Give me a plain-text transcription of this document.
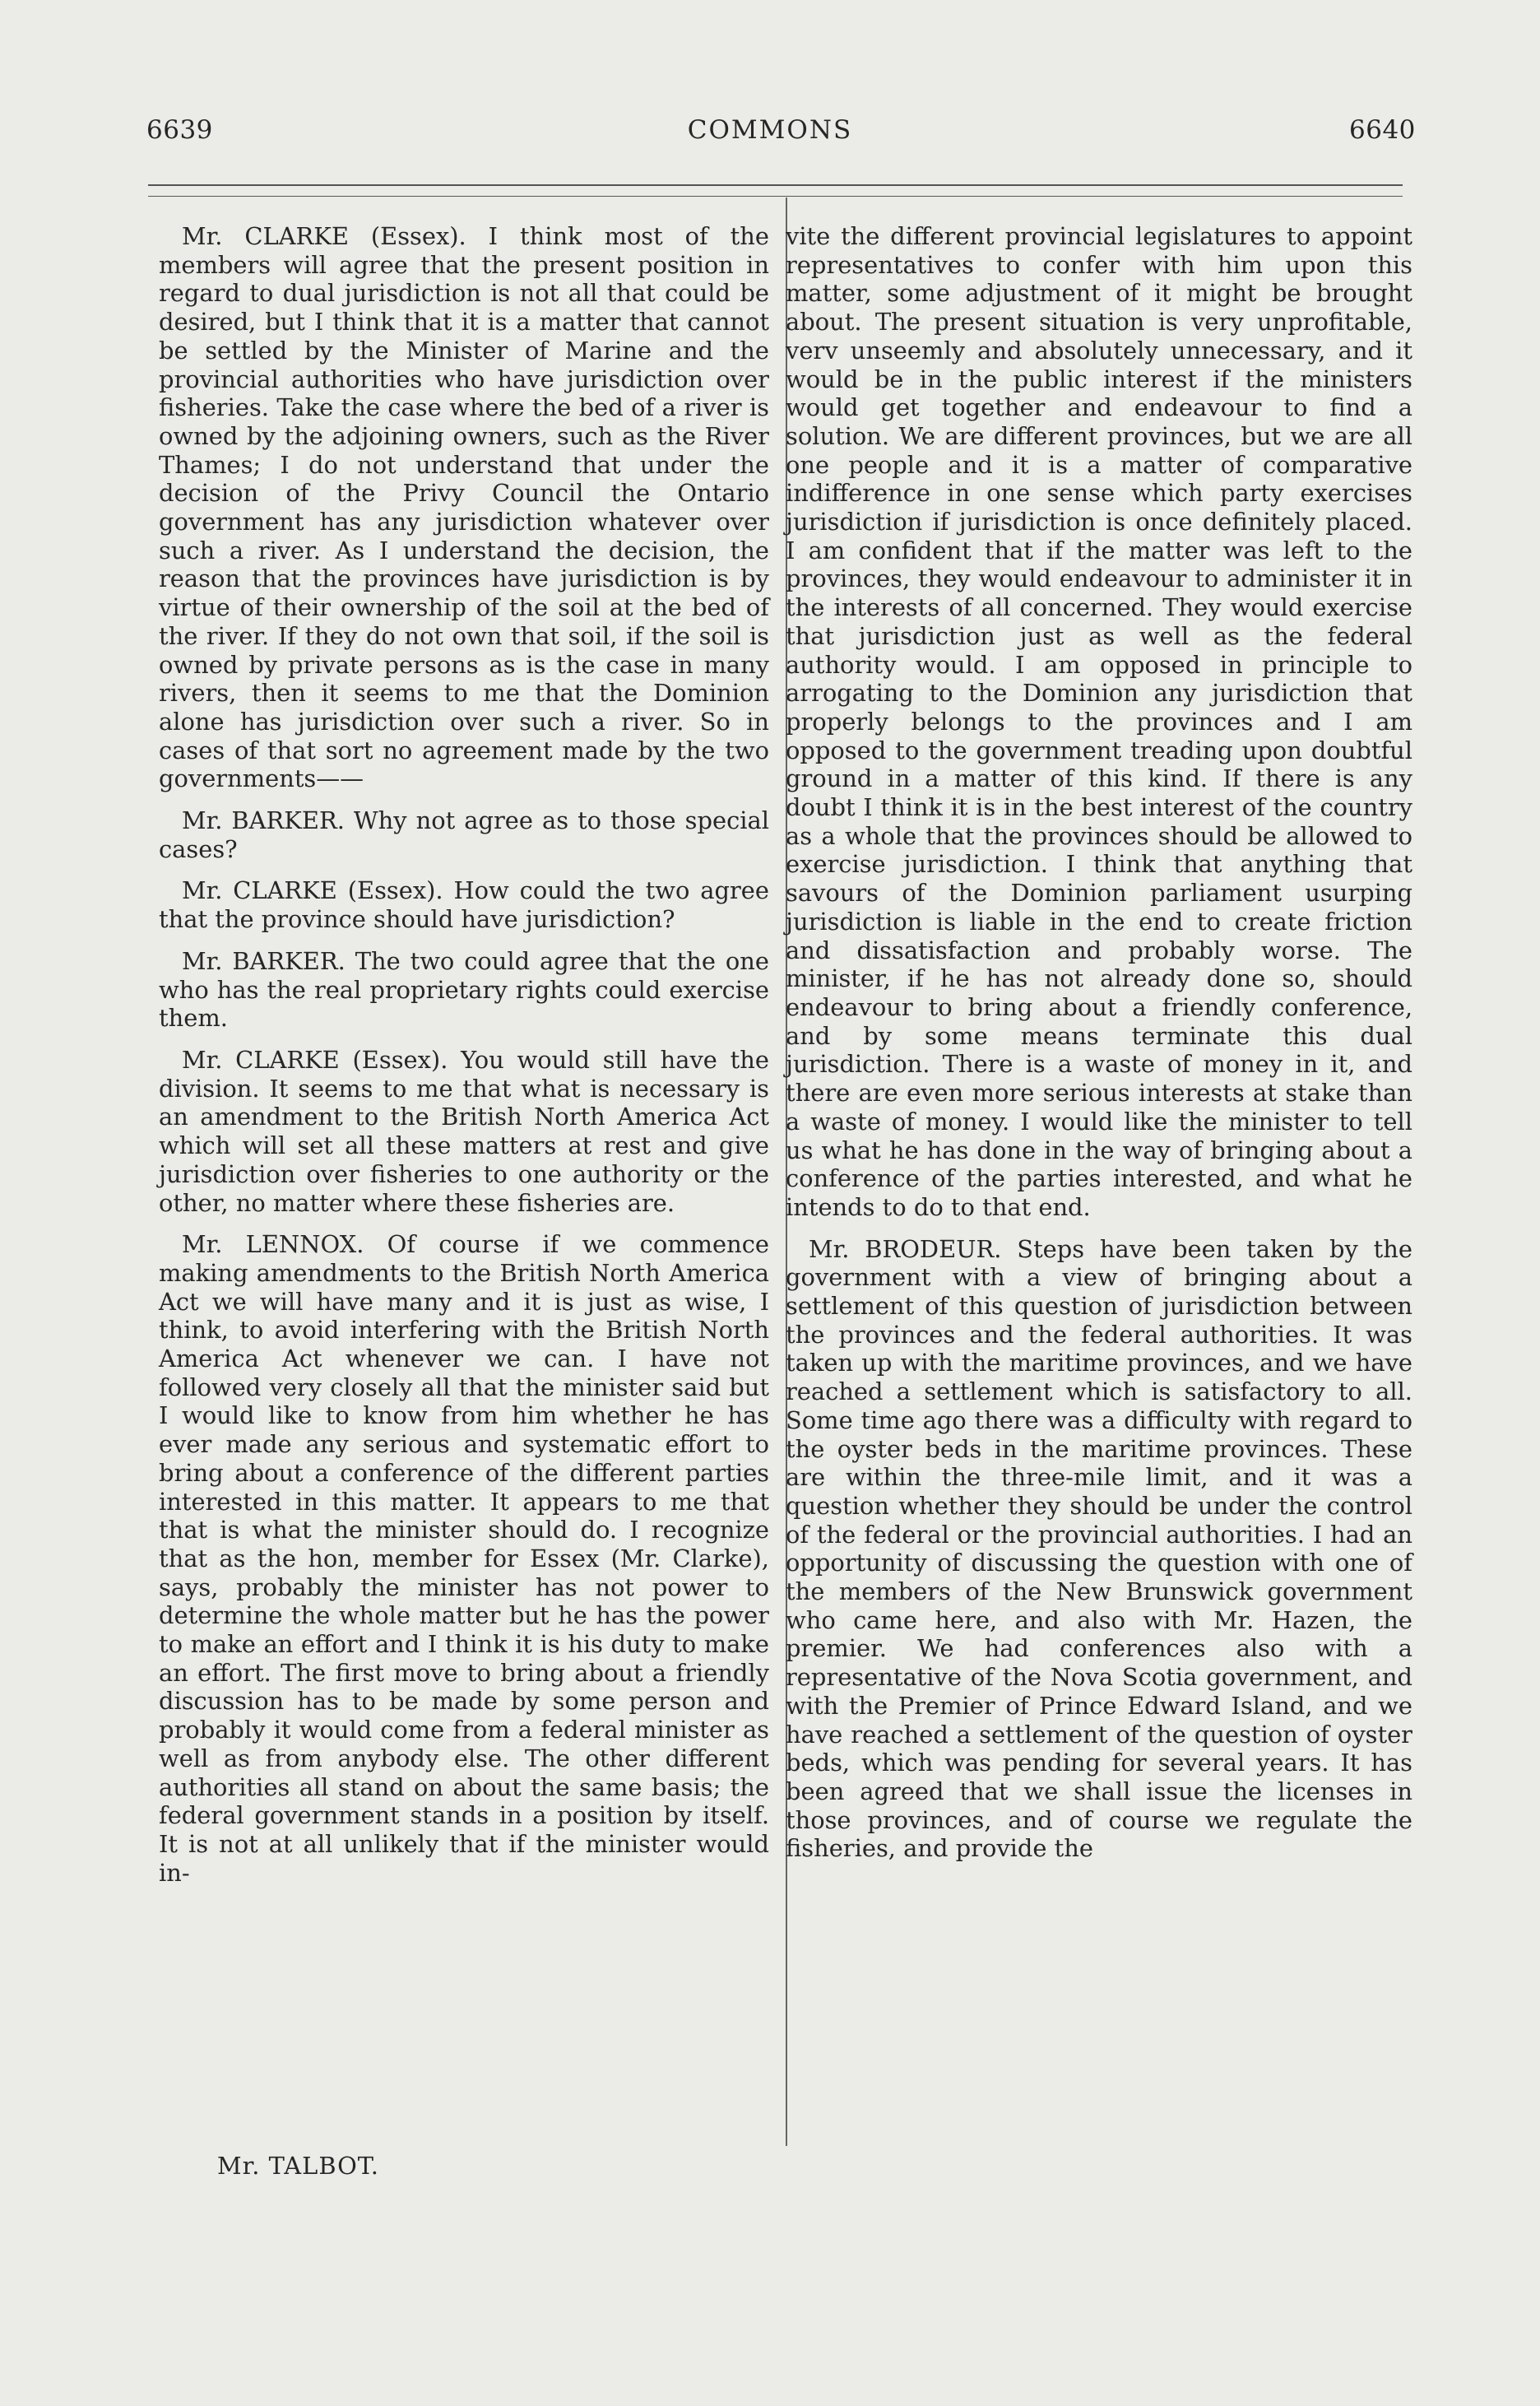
6639	COMMONS	6640

Mr. CLARKE (Essex). I think most of the members will agree that the present position in regard to dual jurisdiction is not all that could be desired, but I think that it is a matter that cannot be settled by the Minister of Marine and the provincial authorities who have jurisdiction over fisheries. Take the case where the bed of a river is owned by the adjoining owners, such as the River Thames; I do not understand that under the decision of the Privy Council the Ontario government has any jurisdiction whatever over such a river. As I understand the decision, the reason that the provinces have jurisdiction is by virtue of their ownership of the soil at the bed of the river. If they do not own that soil, if the soil is owned by private persons as is the case in many rivers, then it seems to me that the Dominion alone has jurisdiction over such a river. So in cases of that sort no agreement made by the two governments——

Mr. BARKER. Why not agree as to those special cases?

Mr. CLARKE (Essex). How could the two agree that the province should have jurisdiction?

Mr. BARKER. The two could agree that the one who has the real proprietary rights could exercise them.

Mr. CLARKE (Essex). You would still have the division. It seems to me that what is necessary is an amendment to the British North America Act which will set all these matters at rest and give jurisdiction over fisheries to one authority or the other, no matter where these fisheries are.

Mr. LENNOX. Of course if we commence making amendments to the British North America Act we will have many and it is just as wise, I think, to avoid interfering with the British North America Act whenever we can. I have not followed very closely all that the minister said but I would like to know from him whether he has ever made any serious and systematic effort to bring about a conference of the different parties interested in this matter. It appears to me that that is what the minister should do. I recognize that as the hon, member for Essex (Mr. Clarke), says, probably the minister has not power to determine the whole matter but he has the power to make an effort and I think it is his duty to make an effort. The first move to bring about a friendly discussion has to be made by some person and probably it would come from a federal minister as well as from anybody else. The other different authorities all stand on about the same basis; the federal government stands in a position by itself. It is not at all unlikely that if the minister would in-

vite the different provincial legislatures to appoint representatives to confer with him upon this matter, some adjustment of it might be brought about. The present situation is very unprofitable, verv unseemly and absolutely unnecessary, and it would be in the public interest if the ministers would get together and endeavour to find a solution. We are different provinces, but we are all one people and it is a matter of comparative indifference in one sense which party exercises jurisdiction if jurisdiction is once definitely placed. I am confident that if the matter was left to the provinces, they would endeavour to administer it in the interests of all concerned. They would exercise that jurisdiction just as well as the federal authority would. I am opposed in principle to arrogating to the Dominion any jurisdiction that properly belongs to the provinces and I am opposed to the government treading upon doubtful ground in a matter of this kind. If there is any doubt I think it is in the best interest of the country as a whole that the provinces should be allowed to exercise jurisdiction. I think that anything that savours of the Dominion parliament usurping jurisdiction is liable in the end to create friction and dissatisfaction and probably worse. The minister, if he has not already done so, should endeavour to bring about a friendly conference, and by some means terminate this dual jurisdiction. There is a waste of money in it, and there are even more serious interests at stake than a waste of money. I would like the minister to tell us what he has done in the way of bringing about a conference of the parties interested, and what he intends to do to that end.

Mr. BRODEUR. Steps have been taken by the government with a view of bringing about a settlement of this question of jurisdiction between the provinces and the federal authorities. It was taken up with the maritime provinces, and we have reached a settlement which is satisfactory to all. Some time ago there was a difficulty with regard to the oyster beds in the maritime provinces. These are within the three-mile limit, and it was a question whether they should be under the control of the federal or the provincial authorities. I had an opportunity of discussing the question with one of the members of the New Brunswick government who came here, and also with Mr. Hazen, the premier. We had conferences also with a representative of the Nova Scotia government, and with the Premier of Prince Edward Island, and we have reached a settlement of the question of oyster beds, which was pending for several years. It has been agreed that we shall issue the licenses in those provinces, and of course we regulate the fisheries, and provide the

Mr. TALBOT.
